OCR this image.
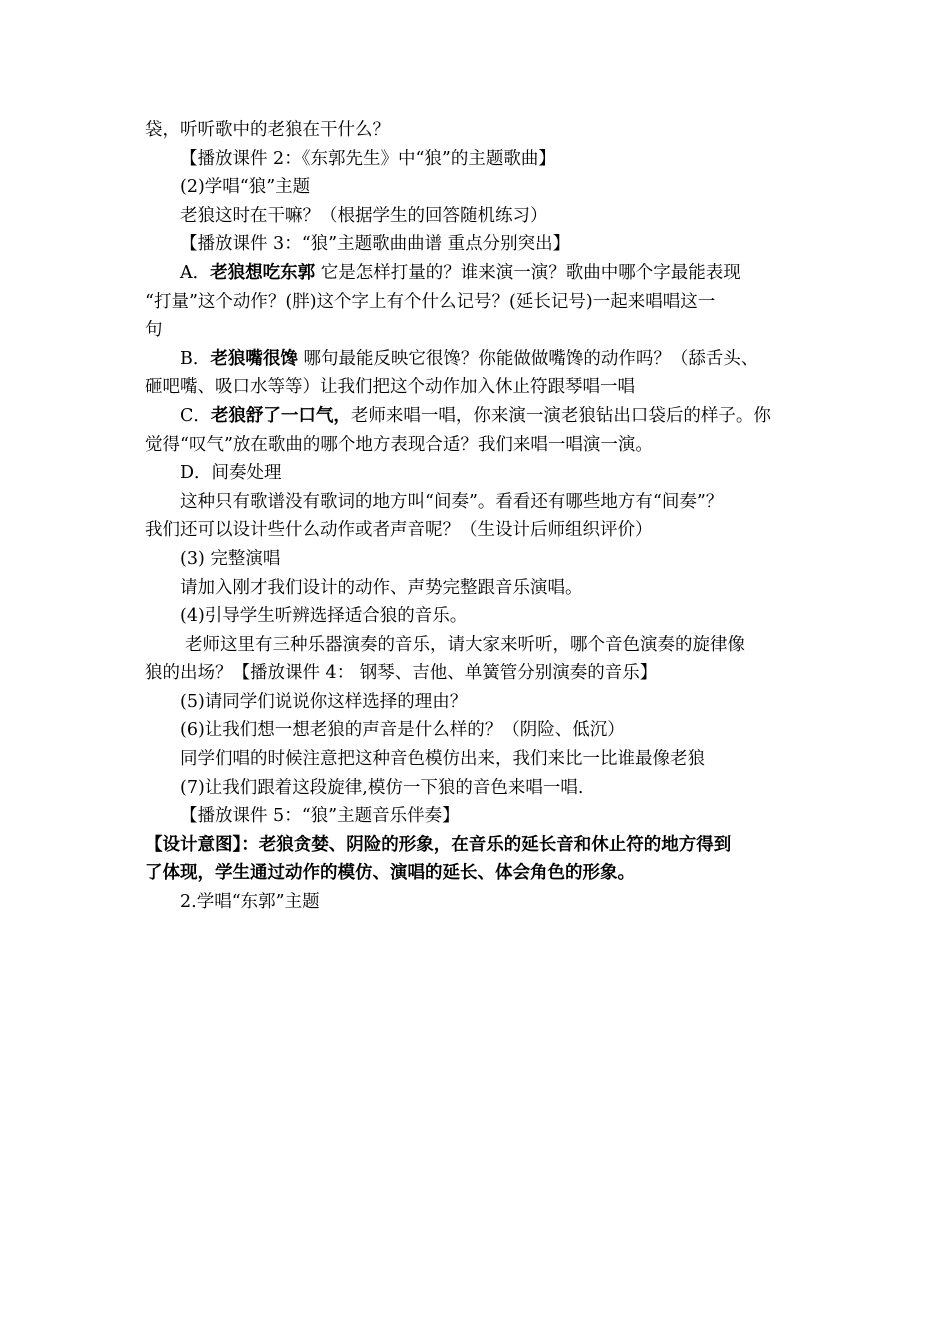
袋，听听歌中的老狼在干什么？
【播放课件 2：《东郭先生》中“狼”的主题歌曲】
(2)学唱“狼”主题
老狼这时在干嘛？（根据学生的回答随机练习）
【播放课件 3：“狼”主题歌曲曲谱 重点分别突出】
A．老狼想吃东郭 它是怎样打量的？谁来演一演？歌曲中哪个字最能表现
“打量”这个动作？(胖)这个字上有个什么记号？(延长记号)一起来唱唱这一
句
B．老狼嘴很馋 哪句最能反映它很馋？你能做做嘴馋的动作吗？（舔舌头、
砸吧嘴、吸口水等等）让我们把这个动作加入休止符跟琴唱一唱
C．老狼舒了一口气，老师来唱一唱，你来演一演老狼钻出口袋后的样子。你
觉得“叹气”放在歌曲的哪个地方表现合适？我们来唱一唱演一演。
D．间奏处理
这种只有歌谱没有歌词的地方叫“间奏”。看看还有哪些地方有“间奏”？
我们还可以设计些什么动作或者声音呢？（生设计后师组织评价）
(3) 完整演唱
请加入刚才我们设计的动作、声势完整跟音乐演唱。
(4)引导学生听辨选择适合狼的音乐。
老师这里有三种乐器演奏的音乐，请大家来听听，哪个音色演奏的旋律像
狼的出场？【播放课件 4： 钢琴、吉他、单簧管分别演奏的音乐】
(5)请同学们说说你这样选择的理由？
(6)让我们想一想老狼的声音是什么样的？（阴险、低沉）
同学们唱的时候注意把这种音色模仿出来，我们来比一比谁最像老狼
(7)让我们跟着这段旋律,模仿一下狼的音色来唱一唱.
【播放课件 5：“狼”主题音乐伴奏】
【设计意图】：老狼贪婪、阴险的形象，在音乐的延长音和休止符的地方得到
了体现，学生通过动作的模仿、演唱的延长、体会角色的形象。
2.学唱“东郭”主题
